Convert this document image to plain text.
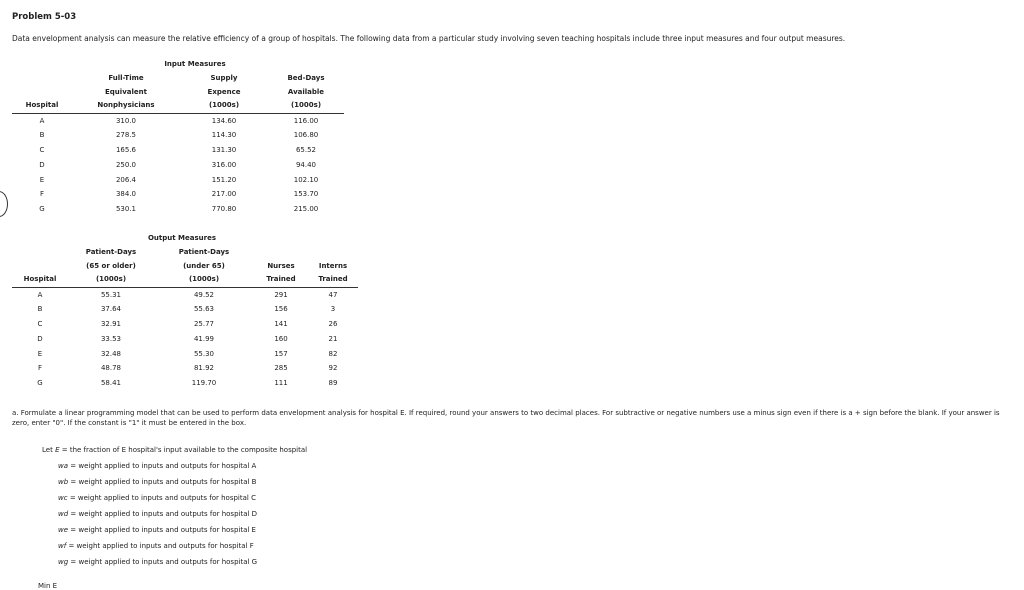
Problem 5-03
Data envelopment analysis can measure the relative efficiency of a group of hospitals. The following data from a particular study involving seven teaching hospitals include three input measures and four output measures.
Input Measures
	Full-Time	Supply	Bed-Days
	Equivalent	Expence	Available
Hospital	Nonphysicians	(1000s)	(1000s)
A	310.0	134.60	116.00
B	278.5	114.30	106.80
C	165.6	131.30	65.52
D	250.0	316.00	94.40
E	206.4	151.20	102.10
F	384.0	217.00	153.70
G	530.1	770.80	215.00
Output Measures
	Patient-Days	Patient-Days		
	(65 or older)	(under 65)	Nurses	Interns
Hospital	(1000s)	(1000s)	Trained	Trained
A	55.31	49.52	291	47
B	37.64	55.63	156	3
C	32.91	25.77	141	26
D	33.53	41.99	160	21
E	32.48	55.30	157	82
F	48.78	81.92	285	92
G	58.41	119.70	111	89
a. Formulate a linear programming model that can be used to perform data envelopment analysis for hospital E. If required, round your answers to two decimal places. For subtractive or negative numbers use a minus sign even if there is a + sign before the blank. If your answer is zero, enter "0". If the constant is "1" it must be entered in the box.
Let E = the fraction of E hospital's input available to the composite hospital
wa = weight applied to inputs and outputs for hospital A
wb = weight applied to inputs and outputs for hospital B
wc = weight applied to inputs and outputs for hospital C
wd = weight applied to inputs and outputs for hospital D
we = weight applied to inputs and outputs for hospital E
wf = weight applied to inputs and outputs for hospital F
wg = weight applied to inputs and outputs for hospital G
Min E
